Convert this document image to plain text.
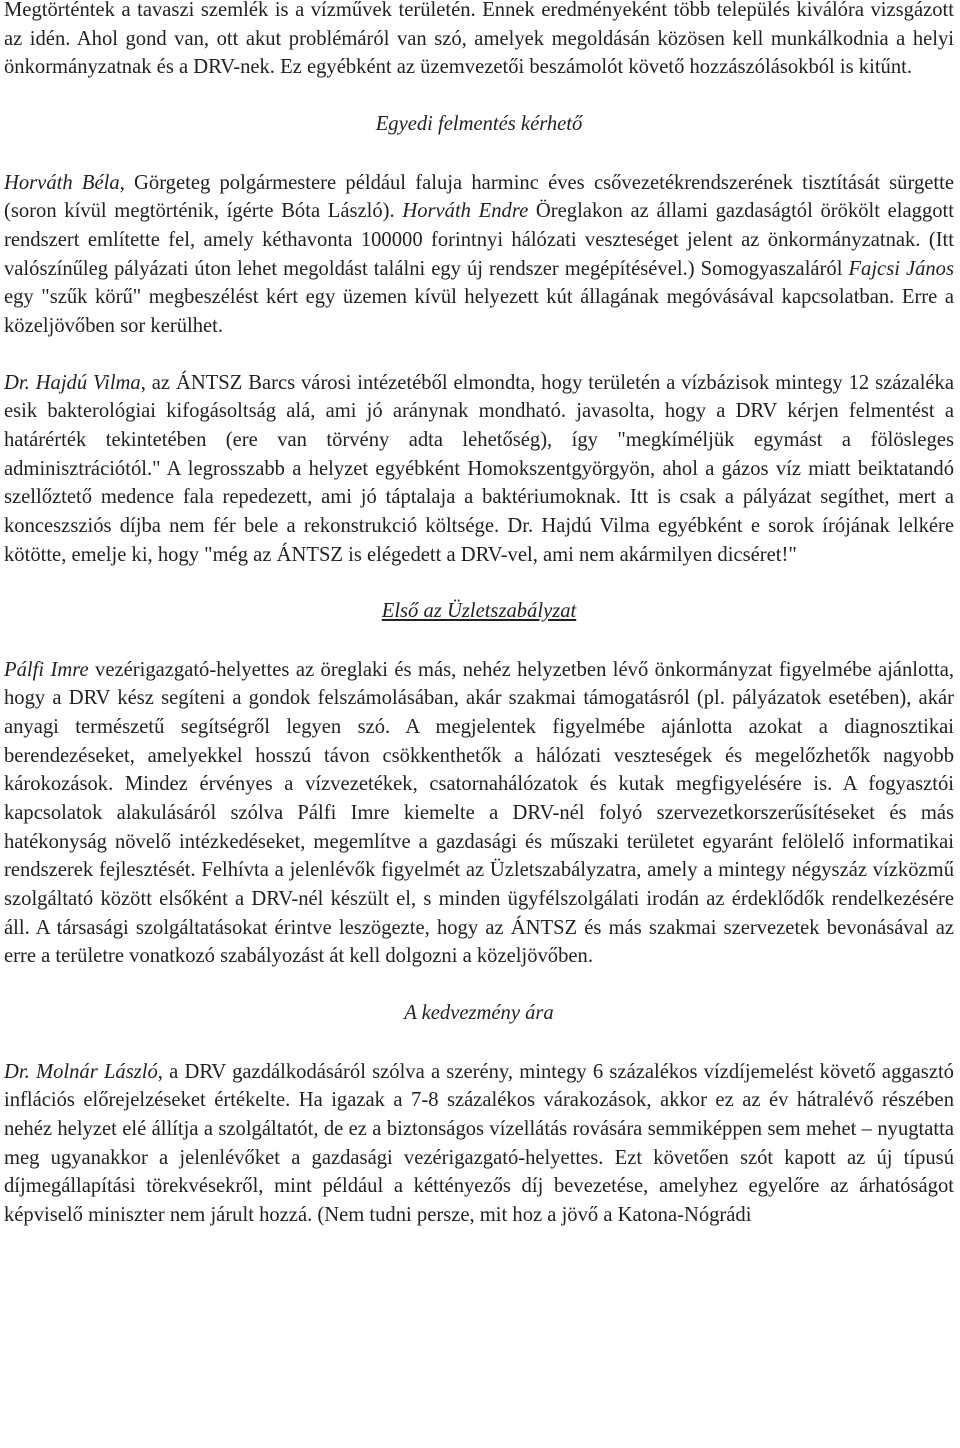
Megtörténtek a tavaszi szemlék is a vízművek területén. Ennek eredményeként több település kiválóra vizsgázott az idén. Ahol gond van, ott akut problémáról van szó, amelyek megoldásán közösen kell munkálkodnia a helyi önkormányzatnak és a DRV-nek. Ez egyébként az üzemvezetői beszámolót követő hozzászólásokból is kitűnt.

Egyedi felmentés kérhető

Horváth Béla, Görgeteg polgármestere például faluja harminc éves csővezetékrendszerének tisztítását sürgette (soron kívül megtörténik, ígérte Bóta László). Horváth Endre Öreglakon az állami gazdaságtól örökölt elaggott rendszert említette fel, amely kéthavonta 100000 forintnyi hálózati veszteséget jelent az önkormányzatnak. (Itt valószínűleg pályázati úton lehet megoldást találni egy új rendszer megépítésével.) Somogyaszaláról Fajcsi János egy "szűk körű" megbeszélést kért egy üzemen kívül helyezett kút állagának megóvásával kapcsolatban. Erre a közeljövőben sor kerülhet.

Dr. Hajdú Vilma, az ÁNTSZ Barcs városi intézetéből elmondta, hogy területén a vízbázisok mintegy 12 százaléka esik bakterológiai kifogásoltság alá, ami jó aránynak mondható. javasolta, hogy a DRV kérjen felmentést a határérték tekintetében (ere van törvény adta lehetőség), így "megkíméljük egymást a fölösleges adminisztrációtól." A legrosszabb a helyzet egyébként Homokszentgyörgyön, ahol a gázos víz miatt beiktatandó szellőztető medence fala repedezett, ami jó táptalaja a baktériumoknak. Itt is csak a pályázat segíthet, mert a konceszsziós díjba nem fér bele a rekonstrukció költsége. Dr. Hajdú Vilma egyébként e sorok írójának lelkére kötötte, emelje ki, hogy "még az ÁNTSZ is elégedett a DRV-vel, ami nem akármilyen dicséret!"

Első az Üzletszabályzat

Pálfi Imre vezérigazgató-helyettes az öreglaki és más, nehéz helyzetben lévő önkormányzat figyelmébe ajánlotta, hogy a DRV kész segíteni a gondok felszámolásában, akár szakmai támogatásról (pl. pályázatok esetében), akár anyagi természetű segítségről legyen szó. A megjelentek figyelmébe ajánlotta azokat a diagnosztikai berendezéseket, amelyekkel hosszú távon csökkenthetők a hálózati veszteségek és megelőzhetők nagyobb károkozások. Mindez érvényes a vízvezetékek, csatornahálózatok és kutak megfigyelésére is. A fogyasztói kapcsolatok alakulásáról szólva Pálfi Imre kiemelte a DRV-nél folyó szervezetkorszerűsítéseket és más hatékonyság növelő intézkedéseket, megemlítve a gazdasági és műszaki területet egyaránt felölelő informatikai rendszerek fejlesztését. Felhívta a jelenlévők figyelmét az Üzletszabályzatra, amely a mintegy négyszáz vízközmű szolgáltató között elsőként a DRV-nél készült el, s minden ügyfélszolgálati irodán az érdeklődők rendelkezésére áll. A társasági szolgáltatásokat érintve leszögezte, hogy az ÁNTSZ és más szakmai szervezetek bevonásával az erre a területre vonatkozó szabályozást át kell dolgozni a közeljövőben.

A kedvezmény ára

Dr. Molnár László, a DRV gazdálkodásáról szólva a szerény, mintegy 6 százalékos vízdíjemelést követő aggasztó inflációs előrejelzéseket értékelte. Ha igazak a 7-8 százalékos várakozások, akkor ez az év hátralévő részében nehéz helyzet elé állítja a szolgáltatót, de ez a biztonságos vízellátás rovására semmiképpen sem mehet – nyugtatta meg ugyanakkor a jelenlévőket a gazdasági vezérigazgató-helyettes. Ezt követően szót kapott az új típusú díjmegállapítási törekvésekről, mint például a kéttényezős díj bevezetése, amelyhez egyelőre az árhatóságot képviselő miniszter nem járult hozzá. (Nem tudni persze, mit hoz a jövő a Katona-Nógrádi
